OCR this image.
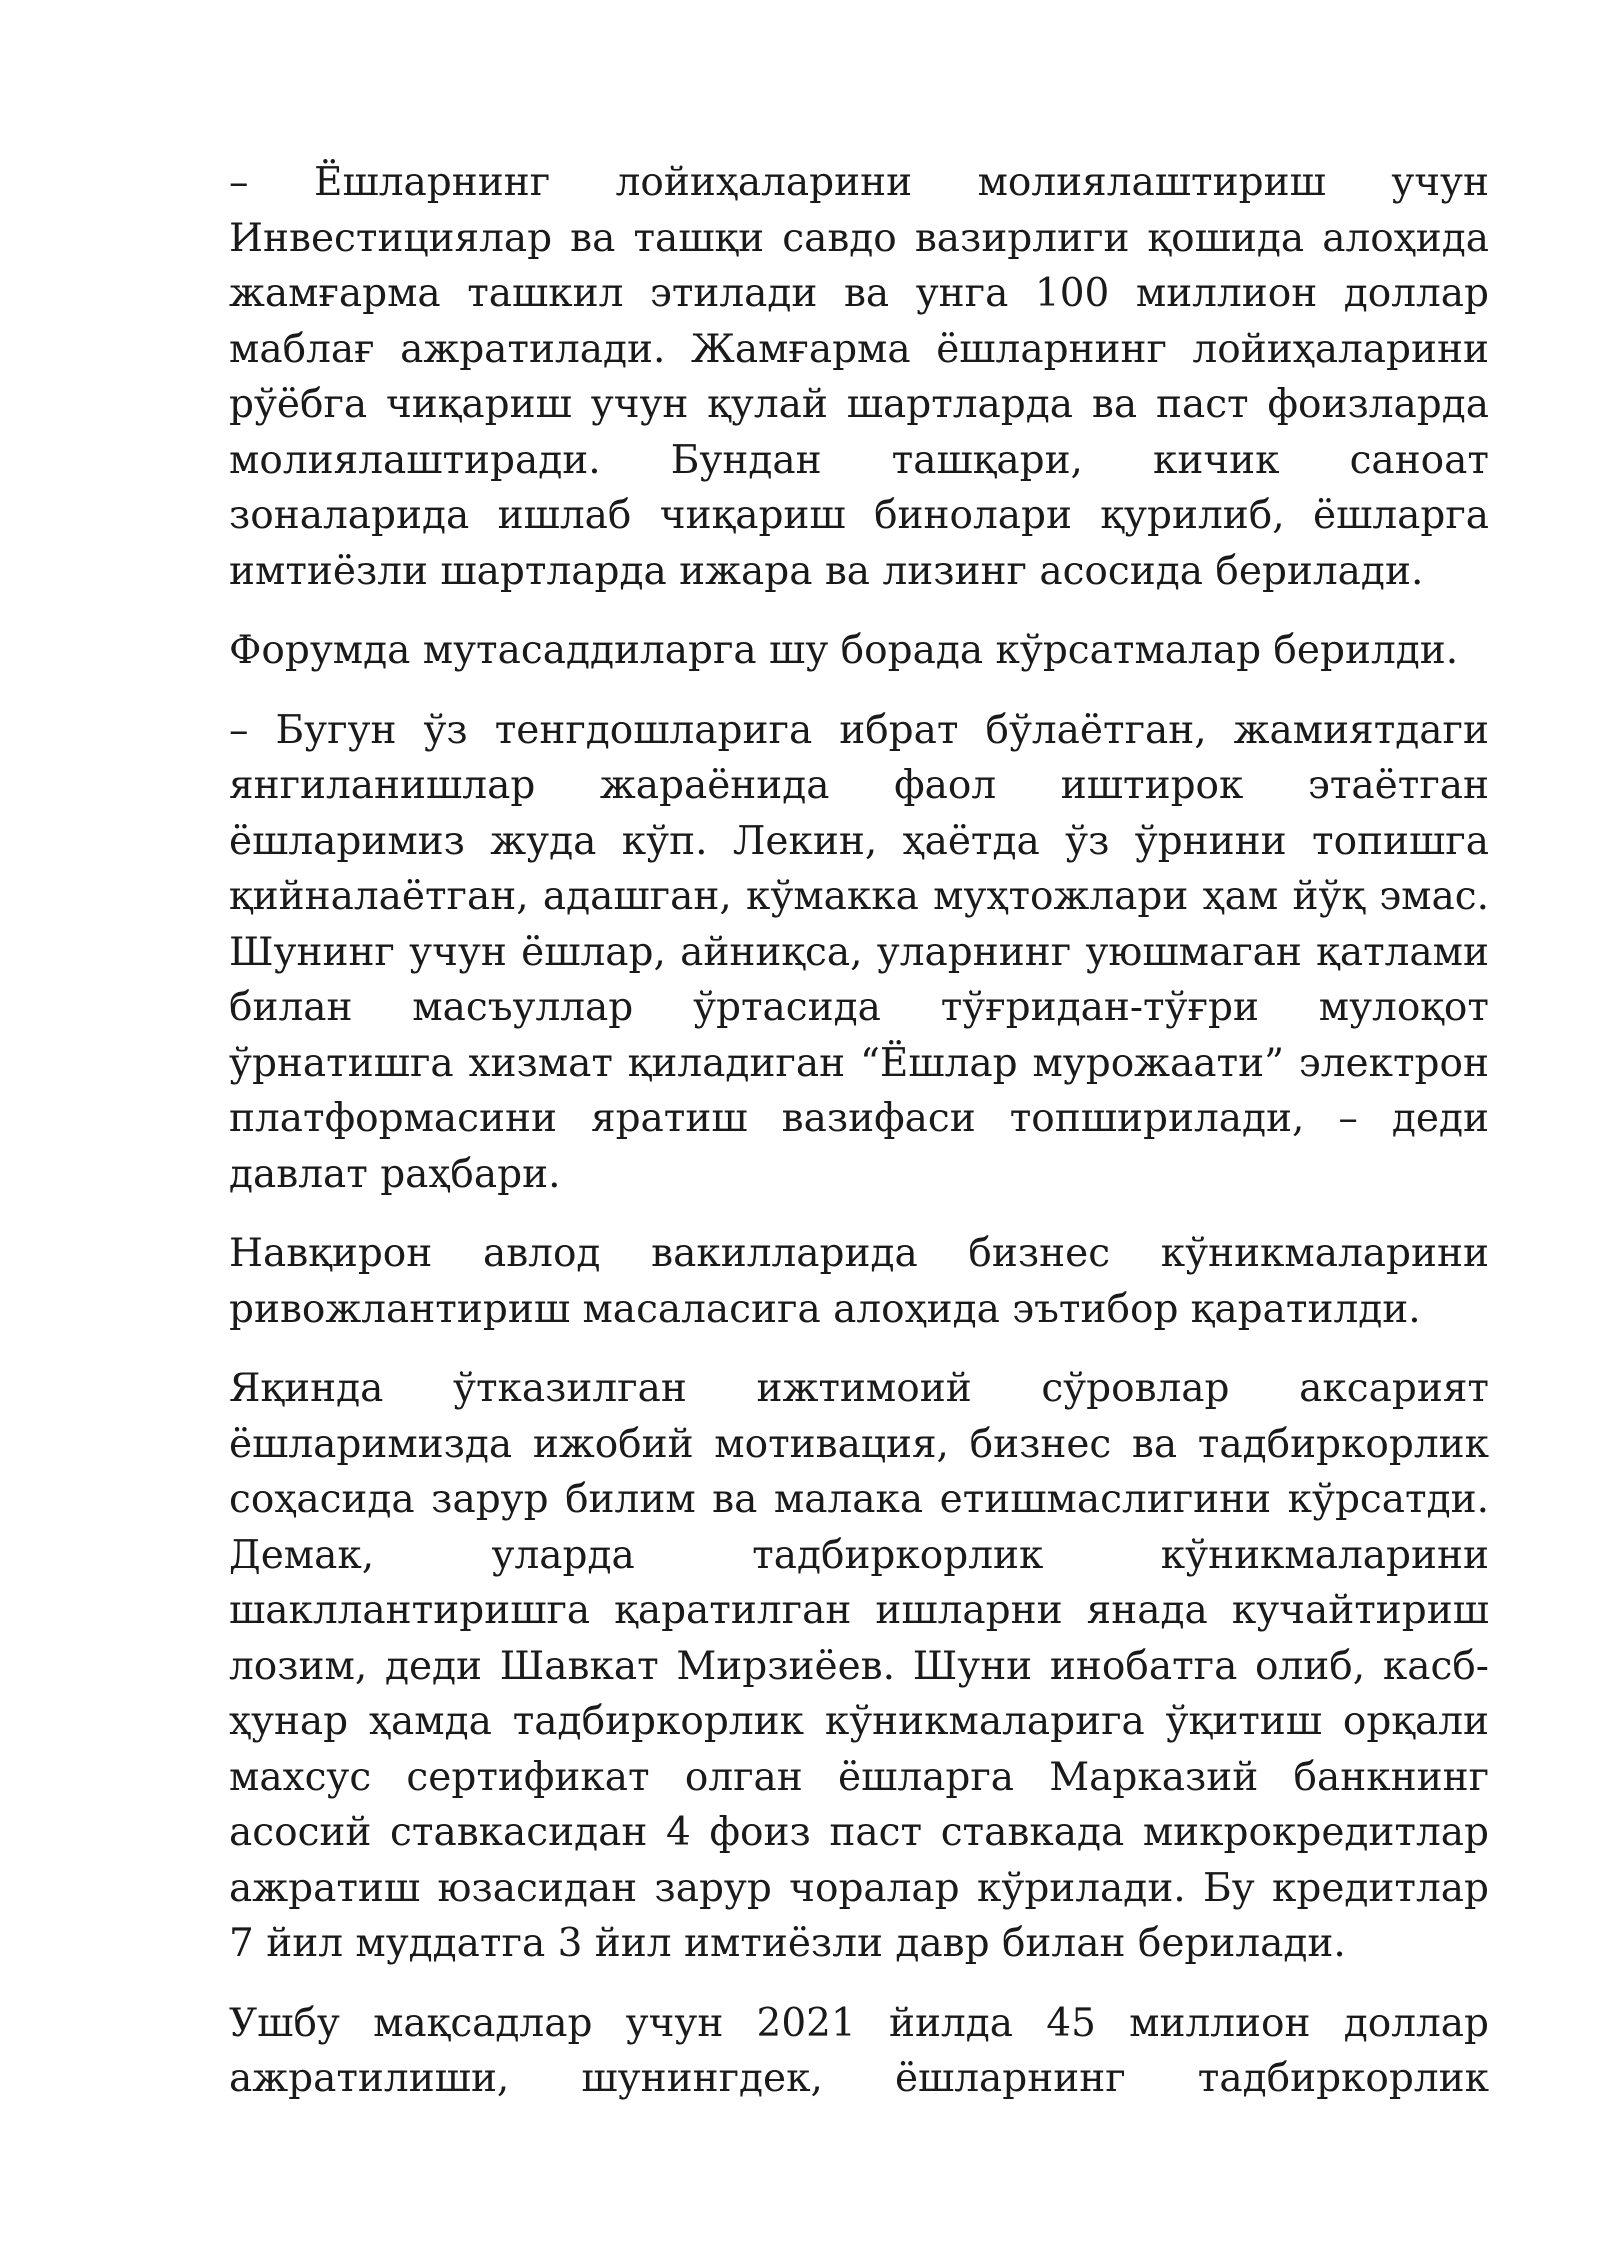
– Ёшларнинг лойиҳаларини молиялаштириш учун Инвестициялар ва ташқи савдо вазирлиги қошида алоҳида жамғарма ташкил этилади ва унга 100 миллион доллар маблағ ажратилади. Жамғарма ёшларнинг лойиҳаларини рўёбга чиқариш учун қулай шартларда ва паст фоизларда молиялаштиради. Бундан ташқари, кичик саноат зоналарида ишлаб чиқариш бинолари қурилиб, ёшларга имтиёзли шартларда ижара ва лизинг асосида берилади.

Форумда мутасаддиларга шу борада кўрсатмалар берилди.

– Бугун ўз тенгдошларига ибрат бўлаётган, жамиятдаги янгиланишлар жараёнида фаол иштирок этаётган ёшларимиз жуда кўп. Лекин, ҳаётда ўз ўрнини топишга қийналаётган, адашган, кўмакка муҳтожлари ҳам йўқ эмас. Шунинг учун ёшлар, айниқса, уларнинг уюшмаган қатлами билан масъуллар ўртасида тўғридан-тўғри мулоқот ўрнатишга хизмат қиладиган “Ёшлар мурожаати” электрон платформасини яратиш вазифаси топширилади, – деди давлат раҳбари.

Навқирон авлод вакилларида бизнес кўникмаларини ривожлантириш масаласига алоҳида эътибор қаратилди.

Яқинда ўтказилган ижтимоий сўровлар аксарият ёшларимизда ижобий мотивация, бизнес ва тадбиркорлик соҳасида зарур билим ва малака етишмаслигини кўрсатди. Демак, уларда тадбиркорлик кўникмаларини шакллантиришга қаратилган ишларни янада кучайтириш лозим, деди Шавкат Мирзиёев. Шуни инобатга олиб, касб-ҳунар ҳамда тадбиркорлик кўникмаларига ўқитиш орқали махсус сертификат олган ёшларга Марказий банкнинг асосий ставкасидан 4 фоиз паст ставкада микрокредитлар ажратиш юзасидан зарур чоралар кўрилади. Бу кредитлар 7 йил муддатга 3 йил имтиёзли давр билан берилади.

Ушбу мақсадлар учун 2021 йилда 45 миллион доллар ажратилиши, шунингдек, ёшларнинг тадбиркорлик
